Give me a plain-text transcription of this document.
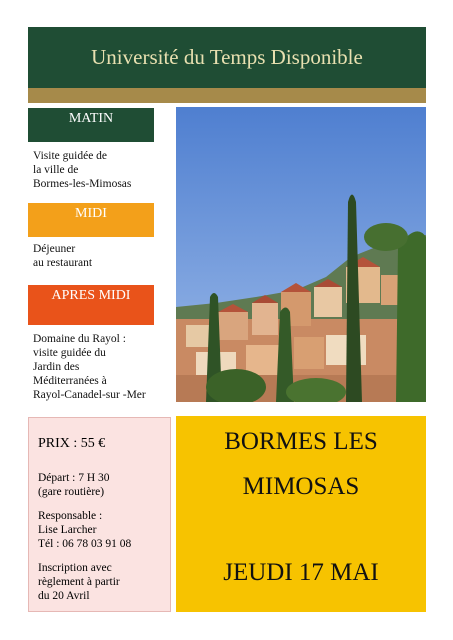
Université du Temps Disponible
MATIN
Visite guidée de
la ville de
Bormes-les-Mimosas
MIDI
Déjeuner
au restaurant
APRES MIDI
Domaine du Rayol :
visite guidée du
Jardin des
Méditerranées à
Rayol-Canadel-sur -Mer
PRIX : 55 €
Départ : 7 H 30
(gare routière)
Responsable :
Lise Larcher
Tél : 06 78 03 91 08
Inscription avec
règlement à partir
du 20 Avril
BORMES LES
MIMOSAS
JEUDI 17 MAI
